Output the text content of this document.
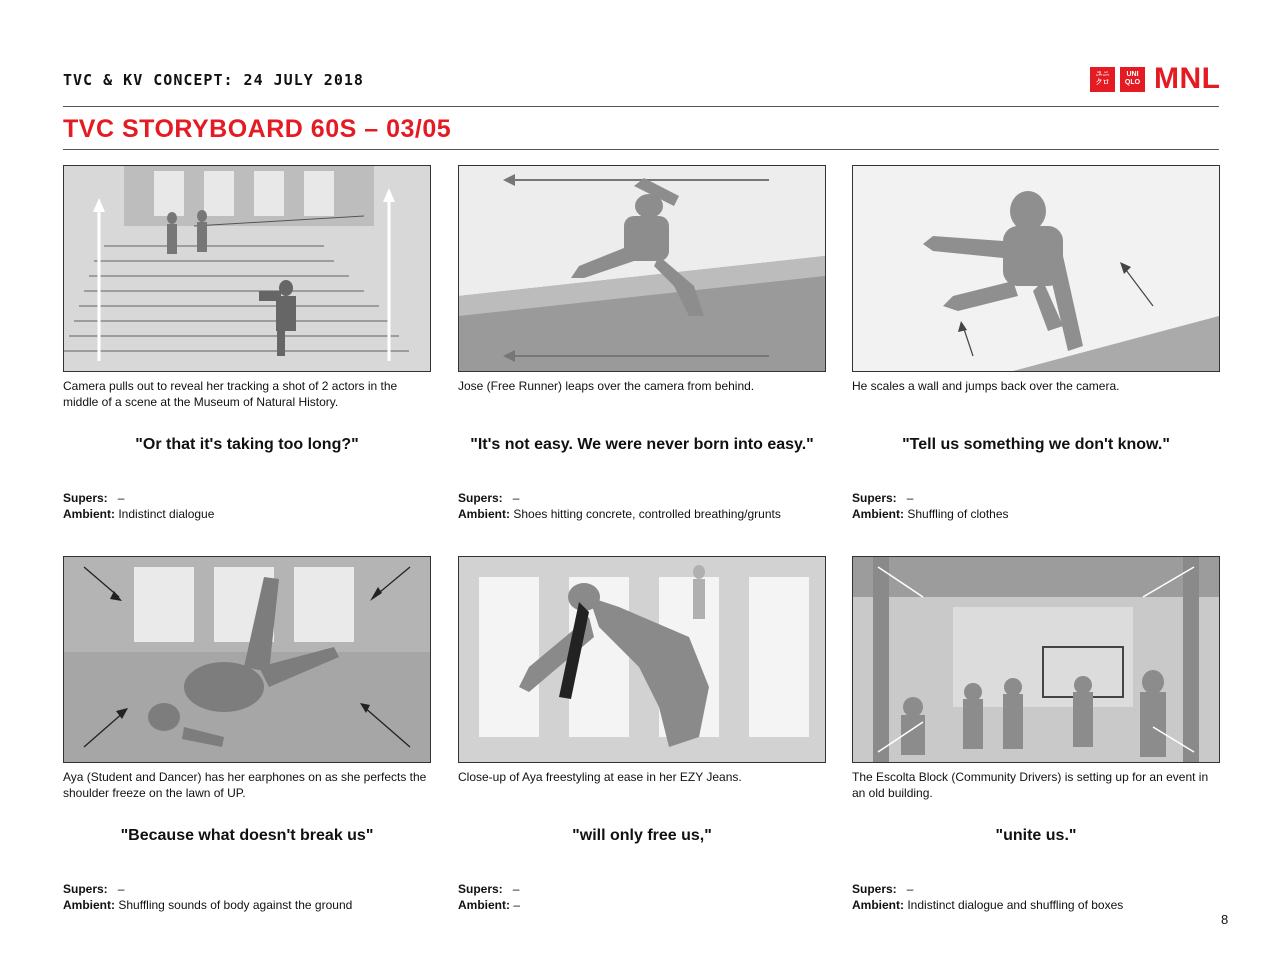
TVC & KV CONCEPT: 24 JULY 2018	ユニ
クロ
UNI
QLO MNL
TVC STORYBOARD 60S – 03/05
Camera pulls out to reveal her tracking a shot of 2 actors in the middle of a scene at the Museum of Natural History.
"Or that it's taking too long?"
Supers: –
Ambient: Indistinct dialogue
Jose (Free Runner) leaps over the camera from behind.
"It's not easy. We were never born into easy."
Supers: –
Ambient: Shoes hitting concrete, controlled breathing/grunts
He scales a wall and jumps back over the camera.
"Tell us something we don't know."
Supers: –
Ambient: Shuffling of clothes
Aya (Student and Dancer) has her earphones on as she perfects the shoulder freeze on the lawn of UP.
"Because what doesn't break us"
Supers: –
Ambient: Shuffling sounds of body against the ground
Close-up of Aya freestyling at ease in her EZY Jeans.
"will only free us,"
Supers: –
Ambient: –
The Escolta Block (Community Drivers) is setting up for an event in an old building.
"unite us."
Supers: –
Ambient: Indistinct dialogue and shuffling of boxes
8
